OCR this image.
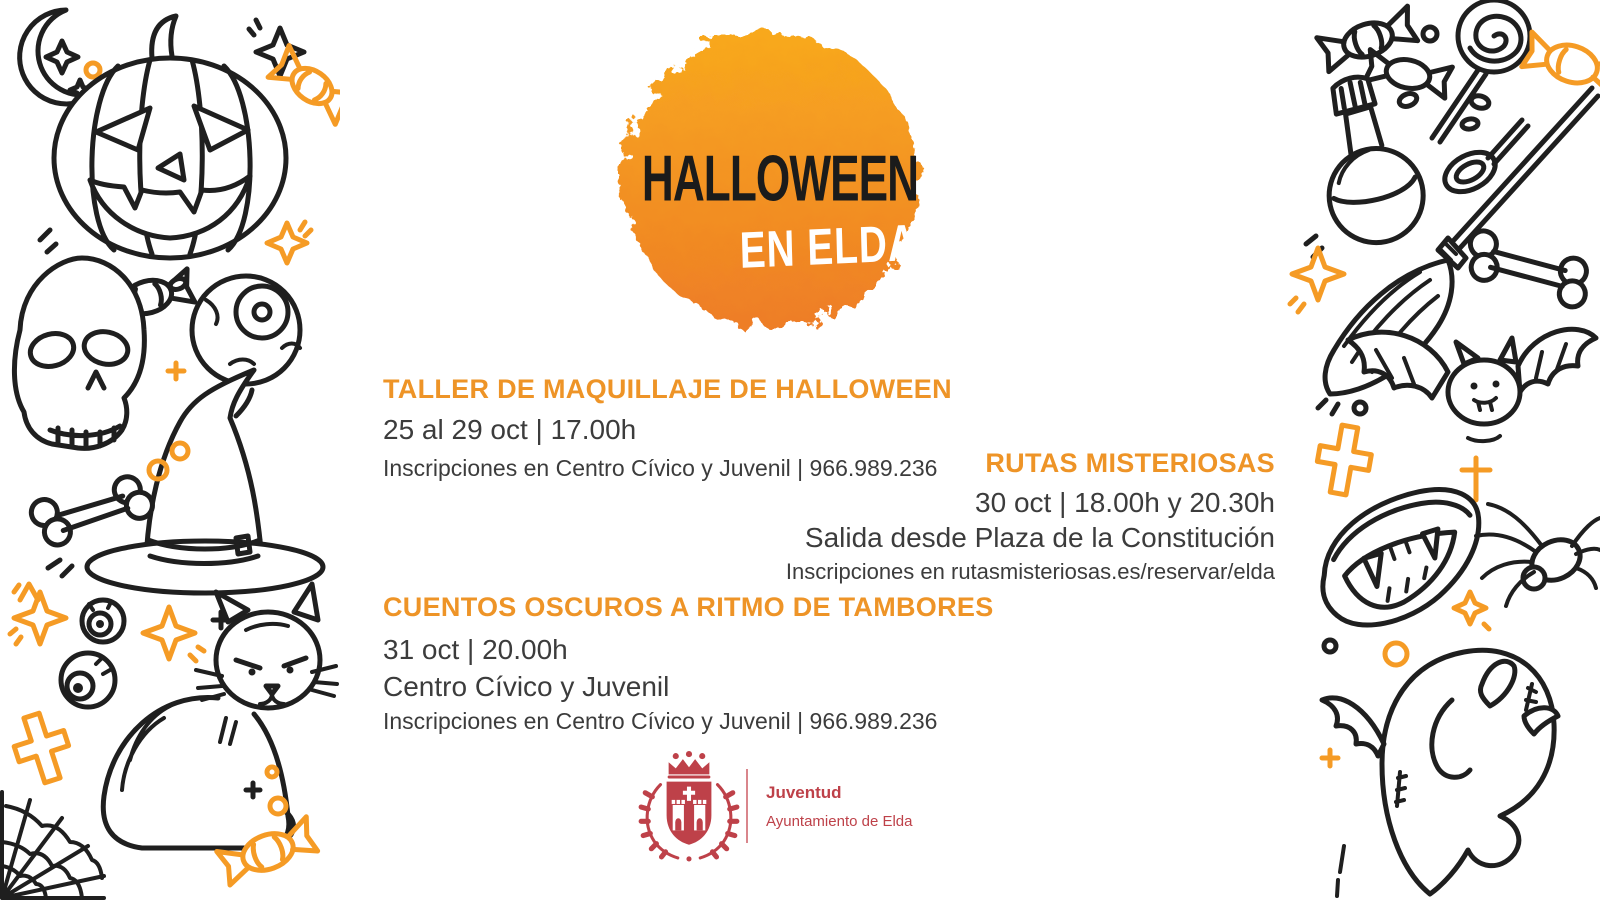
HALLOWEEN
EN ELDA
TALLER DE MAQUILLAJE DE HALLOWEEN
25 al 29 oct | 17.00h
Inscripciones en Centro Cívico y Juvenil | 966.989.236	RUTAS MISTERIOSAS
30 oct | 18.00h y 20.30h
Salida desde Plaza de la Constitución
Inscripciones en rutasmisteriosas.es/reservar/elda
CUENTOS OSCUROS A RITMO DE TAMBORES
31 oct | 20.00h
Centro Cívico y Juvenil
Inscripciones en Centro Cívico y Juvenil | 966.989.236
Juventud
Ayuntamiento de Elda
